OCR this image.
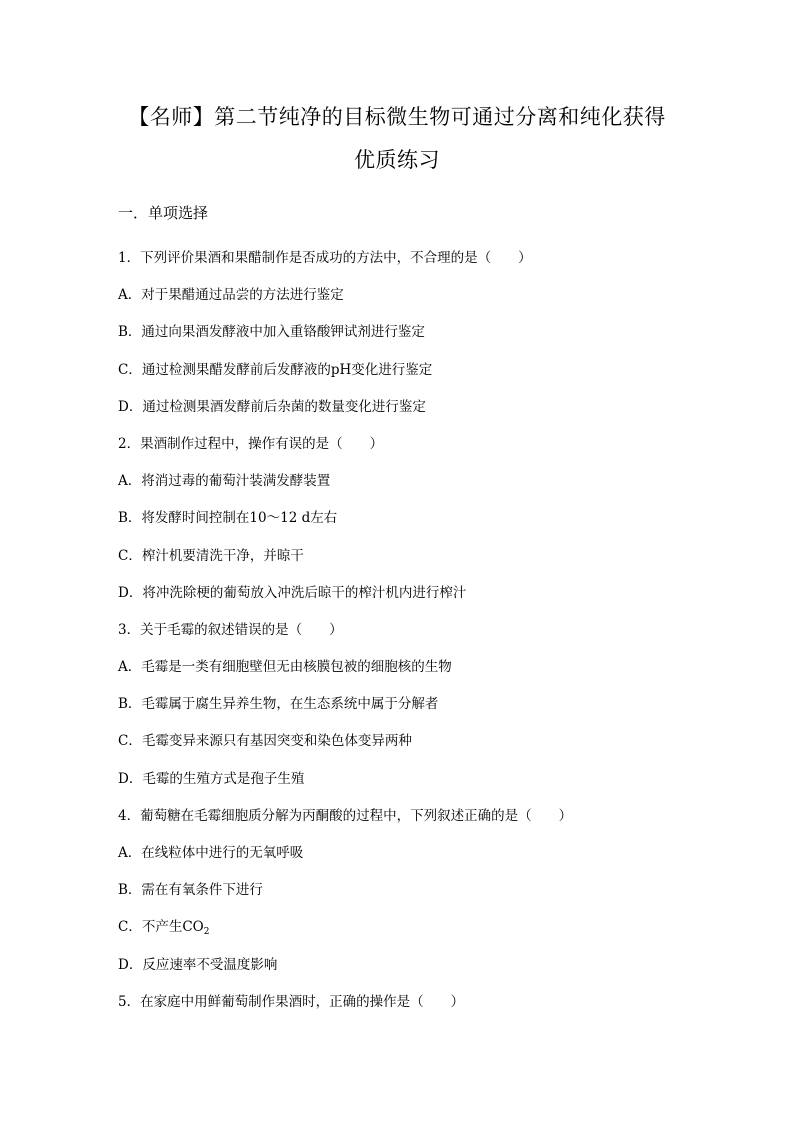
【名师】第二节纯净的目标微生物可通过分离和纯化获得
优质练习
一．单项选择
1．下列评价果酒和果醋制作是否成功的方法中，不合理的是（　　）
A．对于果醋通过品尝的方法进行鉴定
B．通过向果酒发酵液中加入重铬酸钾试剂进行鉴定
C．通过检测果醋发酵前后发酵液的pH变化进行鉴定
D．通过检测果酒发酵前后杂菌的数量变化进行鉴定
2．果酒制作过程中，操作有误的是（　　）
A．将消过毒的葡萄汁装满发酵装置
B．将发酵时间控制在10～12 d左右
C．榨汁机要清洗干净，并晾干
D．将冲洗除梗的葡萄放入冲洗后晾干的榨汁机内进行榨汁
3．关于毛霉的叙述错误的是（　　）
A．毛霉是一类有细胞壁但无由核膜包被的细胞核的生物
B．毛霉属于腐生异养生物，在生态系统中属于分解者
C．毛霉变异来源只有基因突变和染色体变异两种
D．毛霉的生殖方式是孢子生殖
4．葡萄糖在毛霉细胞质分解为丙酮酸的过程中，下列叙述正确的是（　　）
A．在线粒体中进行的无氧呼吸
B．需在有氧条件下进行
C．不产生$CO_2$
D．反应速率不受温度影响
5．在家庭中用鲜葡萄制作果酒时，正确的操作是（　　）
